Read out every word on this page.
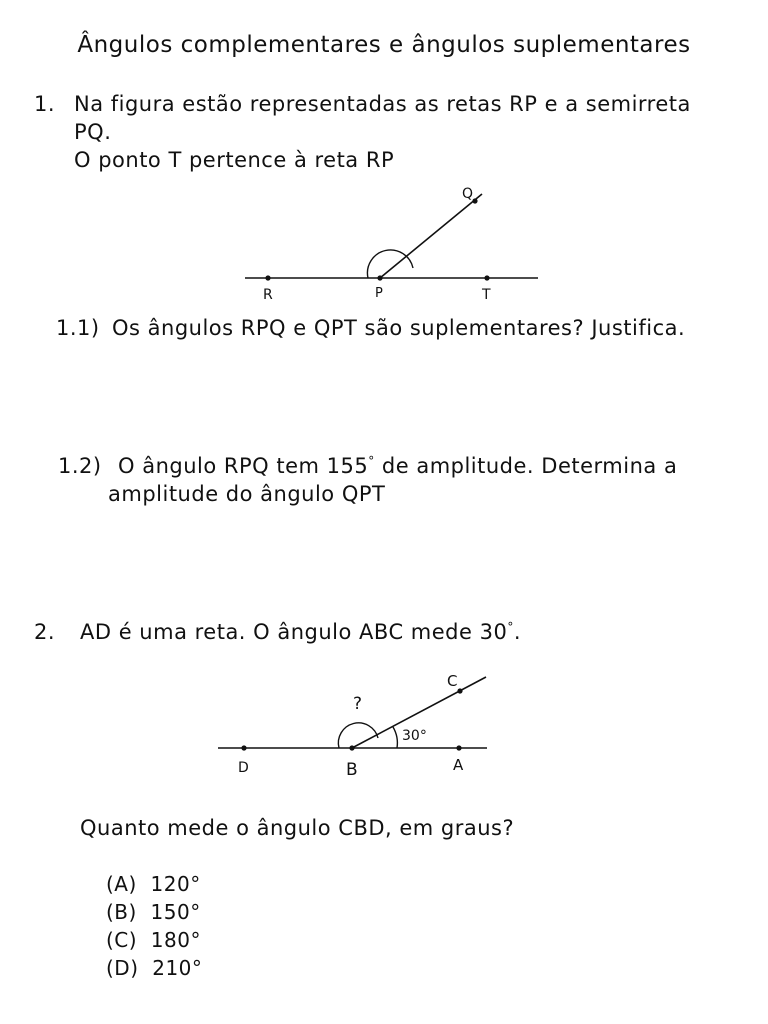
Ângulos complementares e ângulos suplementares
1. Na figura estão representadas as retas RP e a semirreta
PQ.
O ponto T pertence à reta RP
R	P	T
Q
1.1) Os ângulos RPQ e QPT são suplementares? Justifica.
1.2) O ângulo RPQ tem 155° de amplitude. Determina a
amplitude do ângulo QPT
2. AD é uma reta. O ângulo ABC mede 30°.
D	B	A
C
?
30°
Quanto mede o ângulo CBD, em graus?
(A) 120°
(B) 150°
(C) 180°
(D) 210°
